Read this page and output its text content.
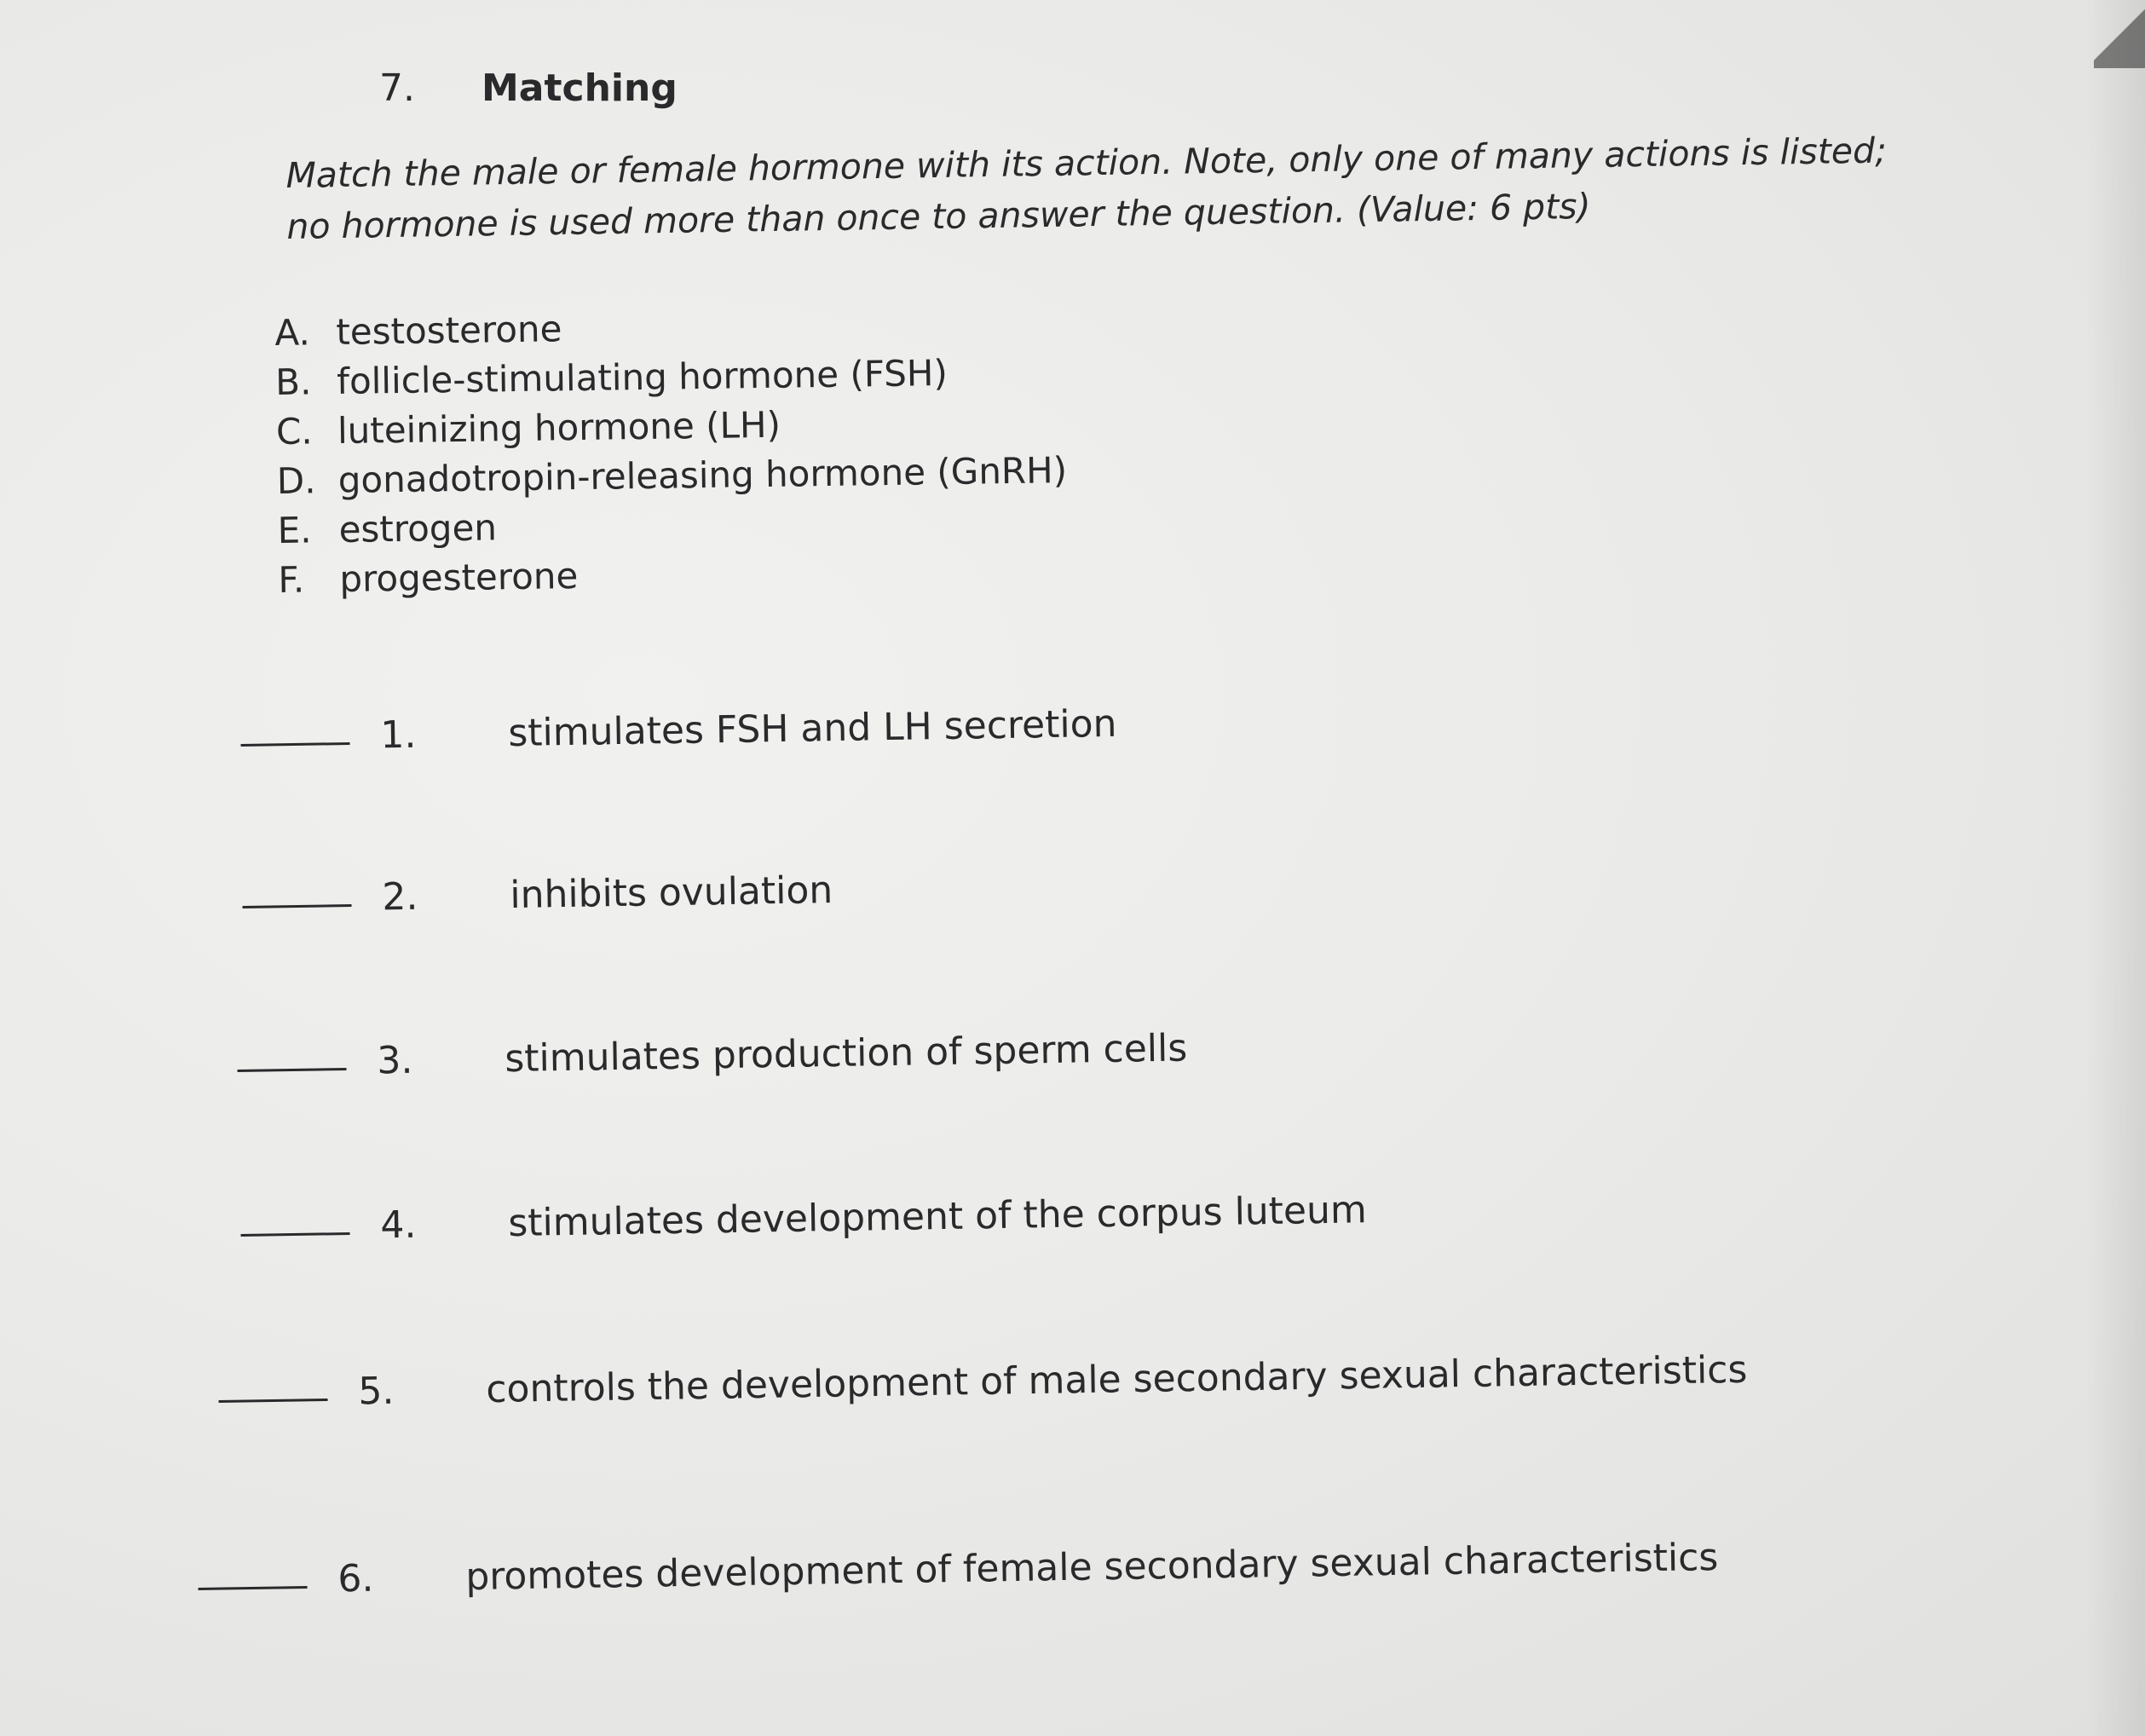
7.	Matching
Match the male or female hormone with its action. Note, only one of many actions is listed;
no hormone is used more than once to answer the question. (Value: 6 pts)
A. testosterone
B. follicle-stimulating hormone (FSH)
C. luteinizing hormone (LH)
D. gonadotropin-releasing hormone (GnRH)
E. estrogen
F. progesterone
1.	stimulates FSH and LH secretion
2.	inhibits ovulation
3.	stimulates production of sperm cells
4.	stimulates development of the corpus luteum
5.	controls the development of male secondary sexual characteristics
6.	promotes development of female secondary sexual characteristics
